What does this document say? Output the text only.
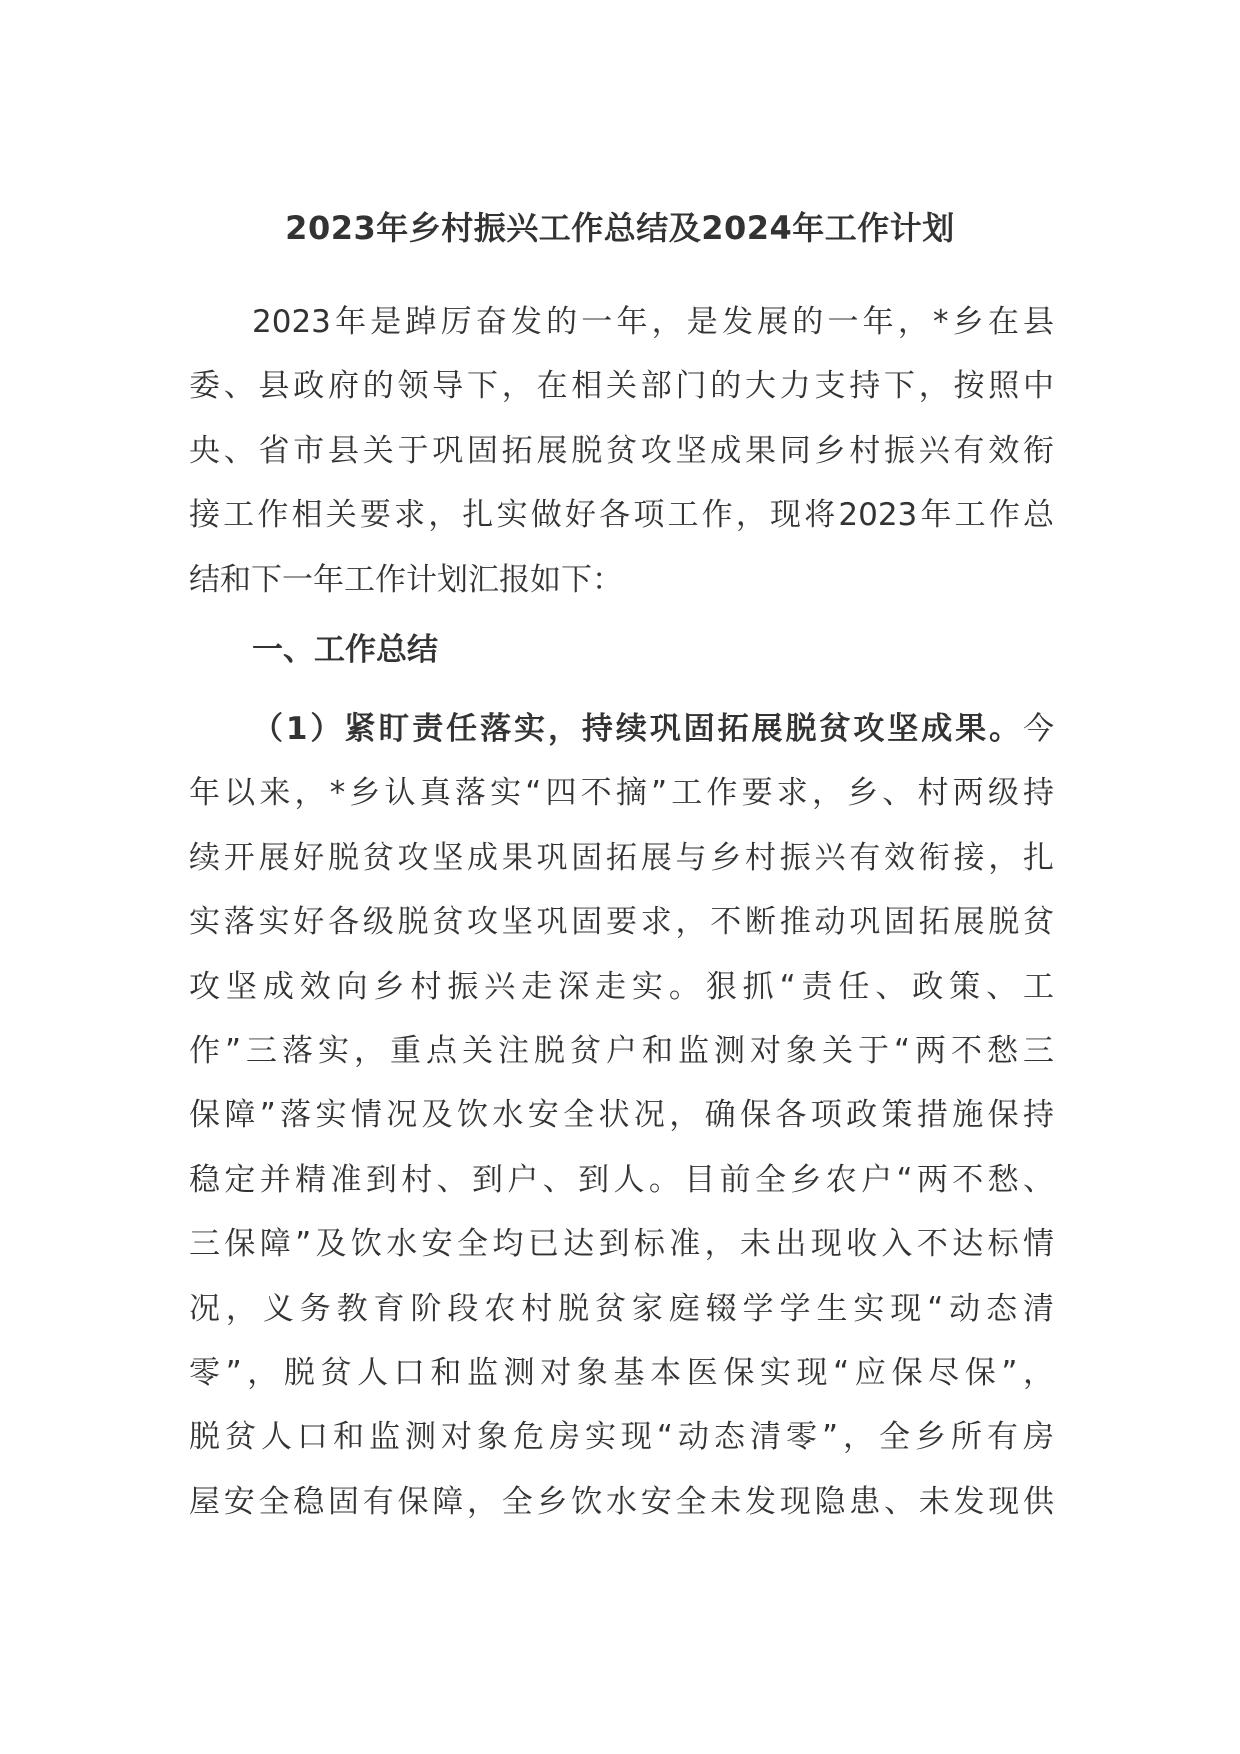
2023年乡村振兴工作总结及2024年工作计划
2023年是踔厉奋发的一年，是发展的一年，*乡在县
委、县政府的领导下，在相关部门的大力支持下，按照中
央、省市县关于巩固拓展脱贫攻坚成果同乡村振兴有效衔
接工作相关要求，扎实做好各项工作，现将2023年工作总
结和下一年工作计划汇报如下：
一、工作总结
（1）紧盯责任落实，持续巩固拓展脱贫攻坚成果。今
年以来，*乡认真落实“四不摘”工作要求，乡、村两级持
续开展好脱贫攻坚成果巩固拓展与乡村振兴有效衔接，扎
实落实好各级脱贫攻坚巩固要求，不断推动巩固拓展脱贫
攻坚成效向乡村振兴走深走实。狠抓“责任、政策、工
作”三落实，重点关注脱贫户和监测对象关于“两不愁三
保障”落实情况及饮水安全状况，确保各项政策措施保持
稳定并精准到村、到户、到人。目前全乡农户“两不愁、
三保障”及饮水安全均已达到标准，未出现收入不达标情
况，义务教育阶段农村脱贫家庭辍学学生实现“动态清
零”，脱贫人口和监测对象基本医保实现“应保尽保”，
脱贫人口和监测对象危房实现“动态清零”，全乡所有房
屋安全稳固有保障，全乡饮水安全未发现隐患、未发现供
